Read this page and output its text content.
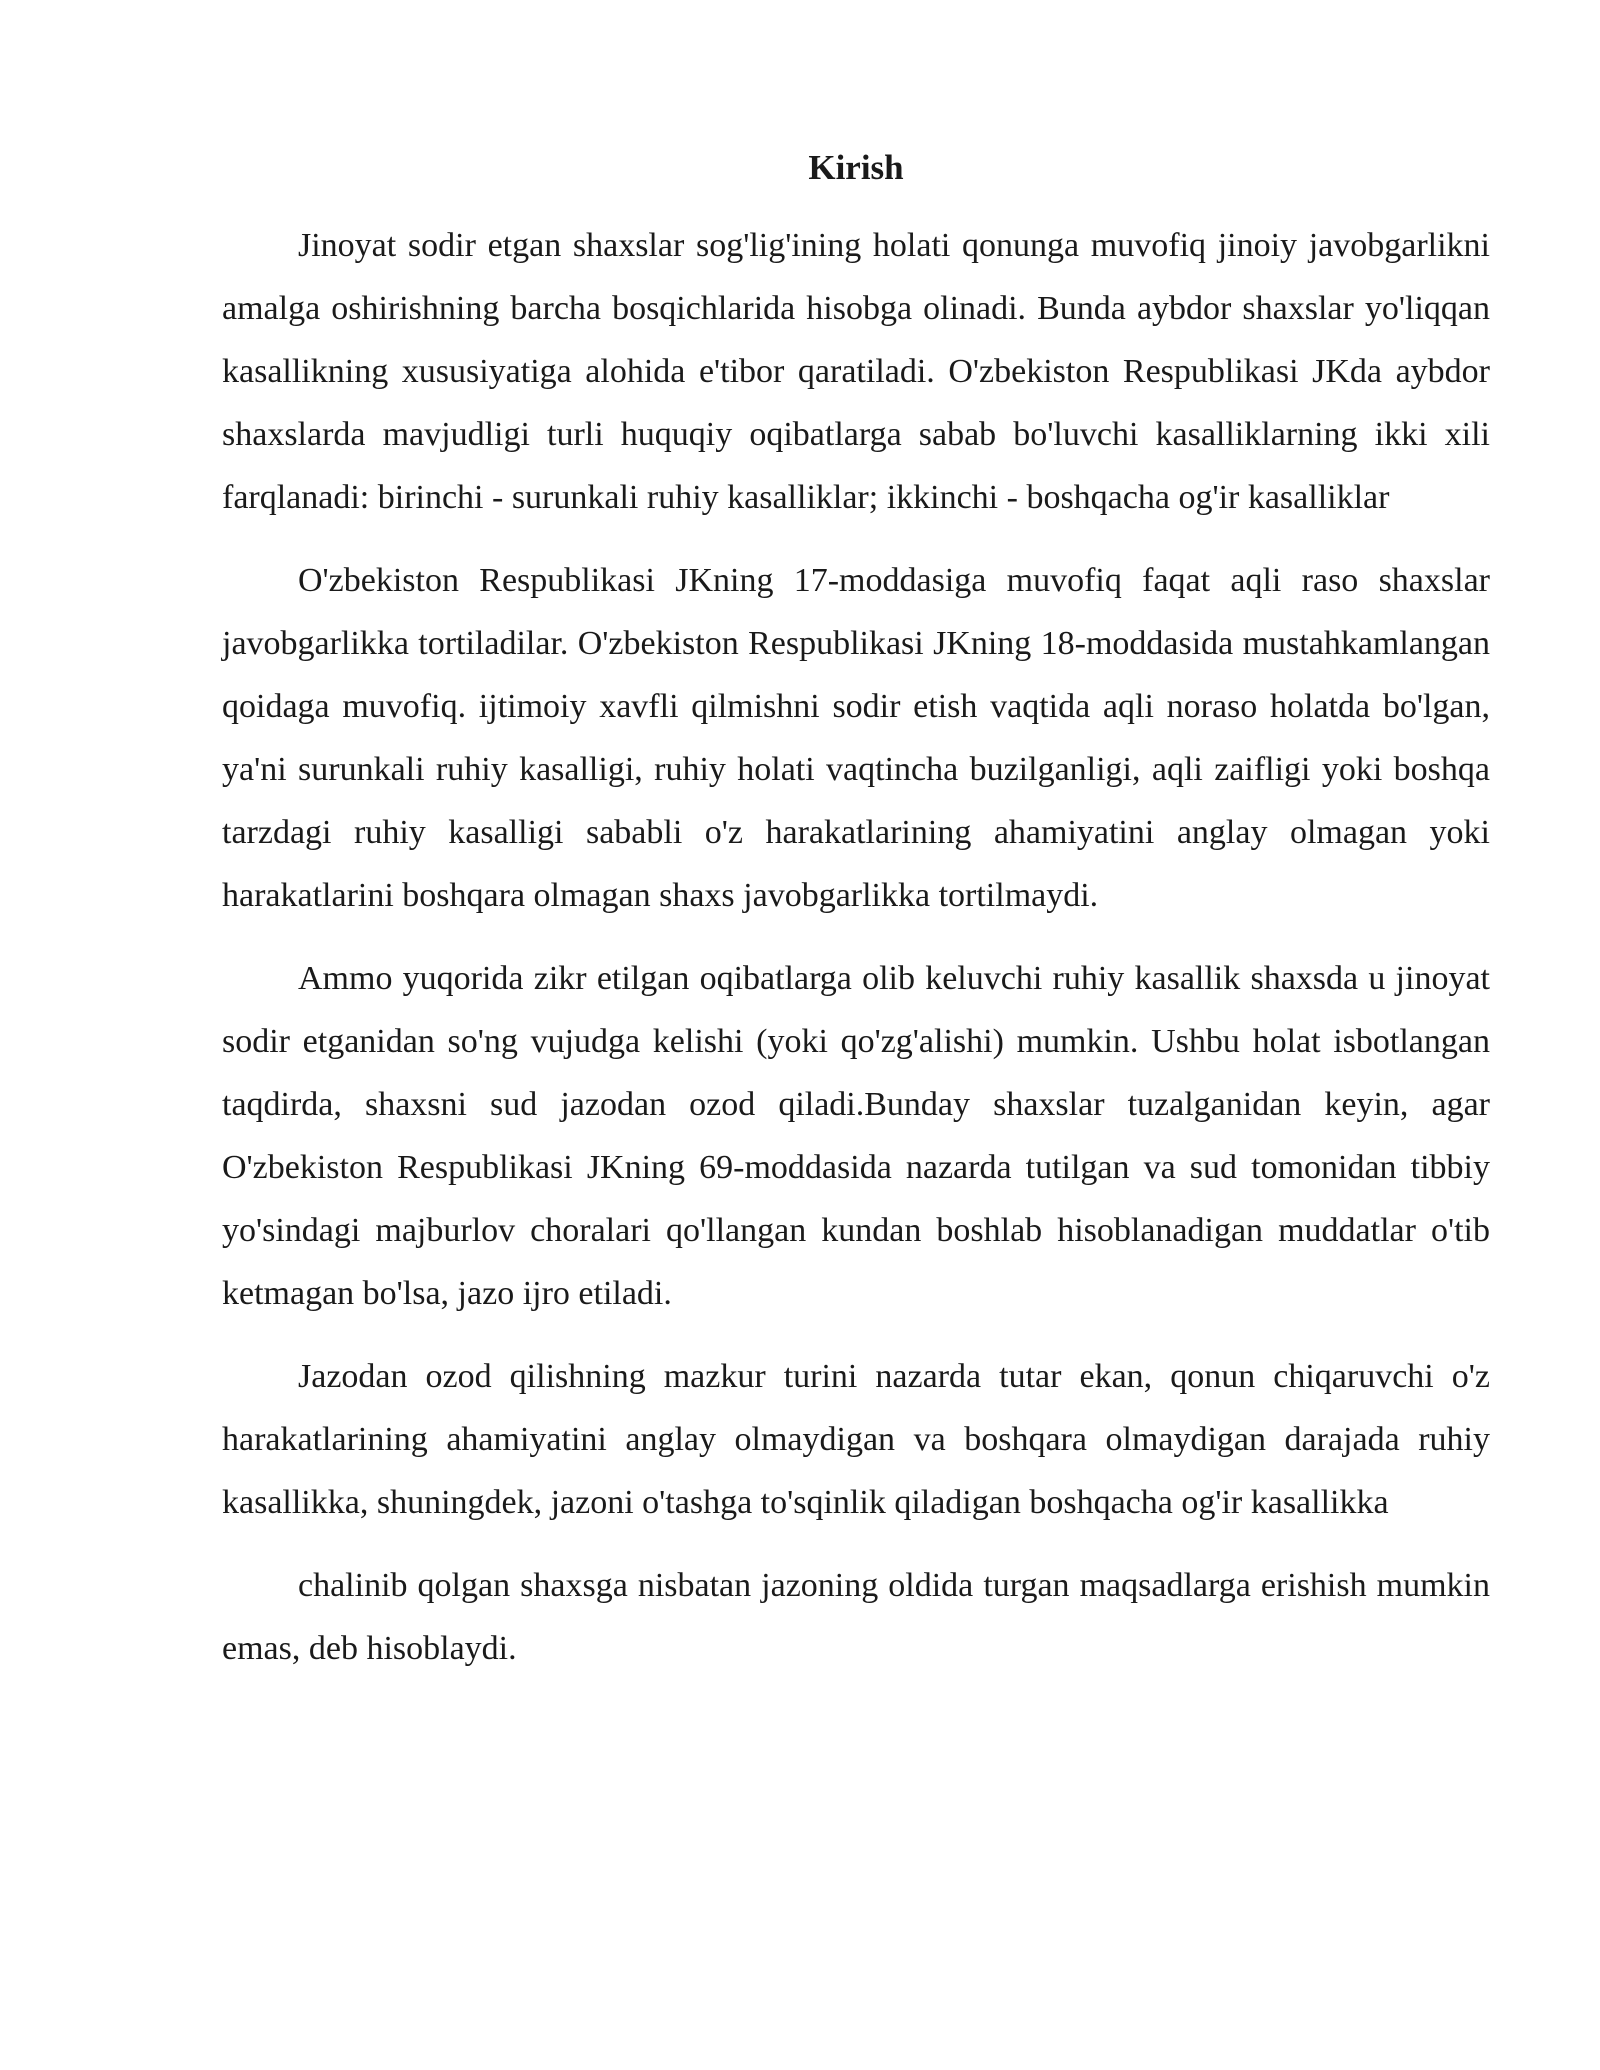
Kirish

Jinoyat sodir etgan shaxslar sog'lig'ining holati qonunga muvofiq jinoiy javobgarlikni amalga oshirishning barcha bosqichlarida hisobga olinadi. Bunda aybdor shaxslar yo'liqqan kasallikning xususiyatiga alohida e'tibor qaratiladi. O'zbekiston Respublikasi JKda aybdor shaxslarda mavjudligi turli huquqiy oqibatlarga sabab bo'luvchi kasalliklarning ikki xili farqlanadi: birinchi - surunkali ruhiy kasalliklar; ikkinchi - boshqacha og'ir kasalliklar

O'zbekiston Respublikasi JKning 17-moddasiga muvofiq faqat aqli raso shaxslar javobgarlikka tortiladilar. O'zbekiston Respublikasi JKning 18-moddasida mustahkamlangan qoidaga muvofiq. ijtimoiy xavfli qilmishni sodir etish vaqtida aqli noraso holatda bo'lgan, ya'ni surunkali ruhiy kasalligi, ruhiy holati vaqtincha buzilganligi, aqli zaifligi yoki boshqa tarzdagi ruhiy kasalligi sababli o'z harakatlarining ahamiyatini anglay olmagan yoki harakatlarini boshqara olmagan shaxs javobgarlikka tortilmaydi.

Ammo yuqorida zikr etilgan oqibatlarga olib keluvchi ruhiy kasallik shaxsda u jinoyat sodir etganidan so'ng vujudga kelishi (yoki qo'zg'alishi) mumkin. Ushbu holat isbotlangan taqdirda, shaxsni sud jazodan ozod qiladi.Bunday shaxslar tuzalganidan keyin, agar O'zbekiston Respublikasi JKning 69-moddasida nazarda tutilgan va sud tomonidan tibbiy yo'sindagi majburlov choralari qo'llangan kundan boshlab hisoblanadigan muddatlar o'tib ketmagan bo'lsa, jazo ijro etiladi.

Jazodan ozod qilishning mazkur turini nazarda tutar ekan, qonun chiqaruvchi o'z harakatlarining ahamiyatini anglay olmaydigan va boshqara olmaydigan darajada ruhiy kasallikka, shuningdek, jazoni o'tashga to'sqinlik qiladigan boshqacha og'ir kasallikka

chalinib qolgan shaxsga nisbatan jazoning oldida turgan maqsadlarga erishish mumkin emas, deb hisoblaydi.
